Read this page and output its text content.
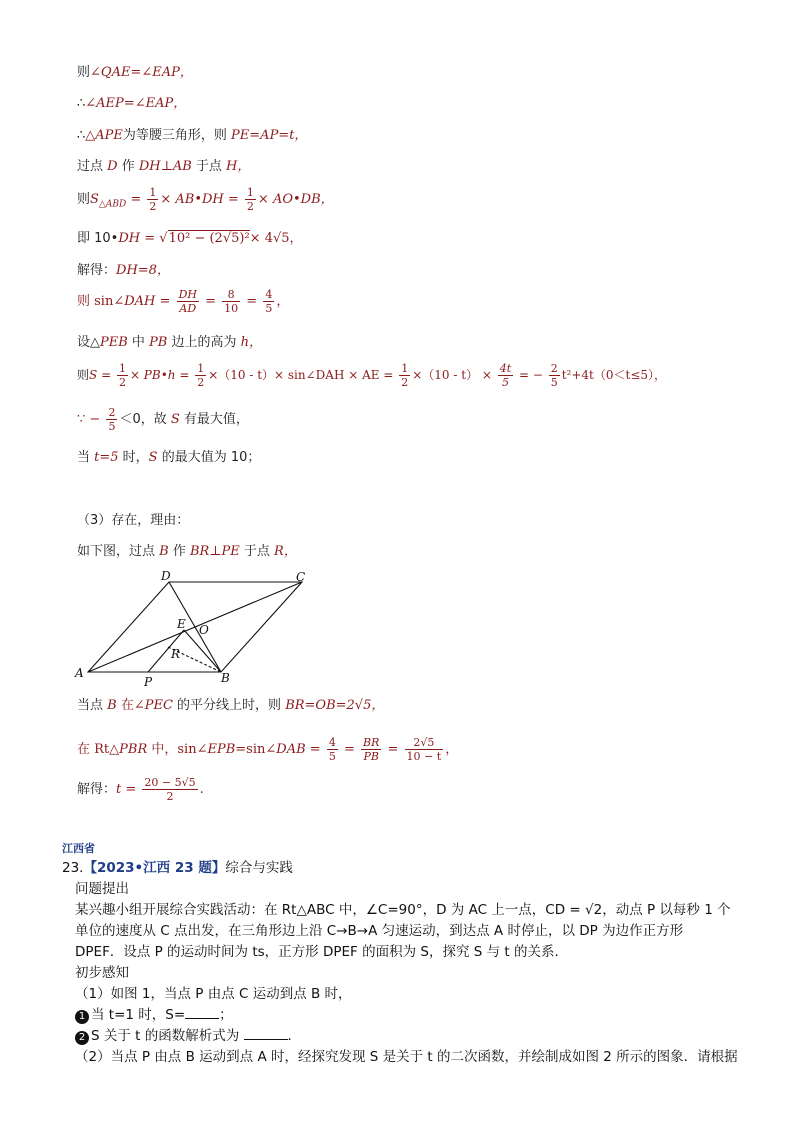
则∠QAE=∠EAP，
∴∠AEP=∠EAP，
∴△APE为等腰三角形，则 PE=AP=t，
过点 D 作 DH⊥AB 于点 H，
则$S_{\triangle ABD} = \frac{1}{2}$ × AB•DH = $\frac{1}{2}$ × AO•DB，
即 10•DH = √10² − (2√5)²× 4√5，
解得：DH=8，
则 sin∠DAH = $\frac{DH}{AD} = \frac{8}{10} = \frac{4}{5}$ ，
设△PEB 中 PB 边上的高为 h，
则$S = \frac{1}{2}$ × PB•h = $\frac{1}{2} \times(10 - t)\times$ sin∠DAH × AE = $\frac{1}{2} \times(10 - t) \times \frac{4t}{5}$ = − $\frac{2}{5} t^2+4t(0<t\le 5)$，
∵ − $\frac{2}{5} <0$，故 S 有最大值，
当 t=5 时，S 的最大值为 10；
（3）存在，理由：
如下图，过点 B 作 BR⊥PE 于点 R，
D	C
E O
R
A
P	B
当点 B 在∠PEC 的平分线上时，则 BR=OB=2√5，
在 Rt△PBR 中，sin∠EPB=sin∠DAB = $\frac{4}{5} = \frac{BR}{PB} = \frac{2√5}{10 - t}$ ，
解得：$t = \frac{20 - 5√5}{2}$ .
江西省
23.【2023•江西 23 题】综合与实践
问题提出
某兴趣小组开展综合实践活动：在 Rt△ABC 中，∠C=90°，D 为 AC 上一点，CD = √2，动点 P 以每秒 1 个
单位的速度从 C 点出发，在三角形边上沿 C→B→A 匀速运动，到达点 A 时停止，以 DP 为边作正方形
DPEF．设点 P 的运动时间为 ts，正方形 DPEF 的面积为 S，探究 S 与 t 的关系．
初步感知
（1）如图 1，当点 P 由点 C 运动到点 B 时，
1 当 t=1 时，S=	；
2 S 关于 t 的函数解析式为	．
（2）当点 P 由点 B 运动到点 A 时，经探究发现 S 是关于 t 的二次函数，并绘制成如图 2 所示的图象．请根据
